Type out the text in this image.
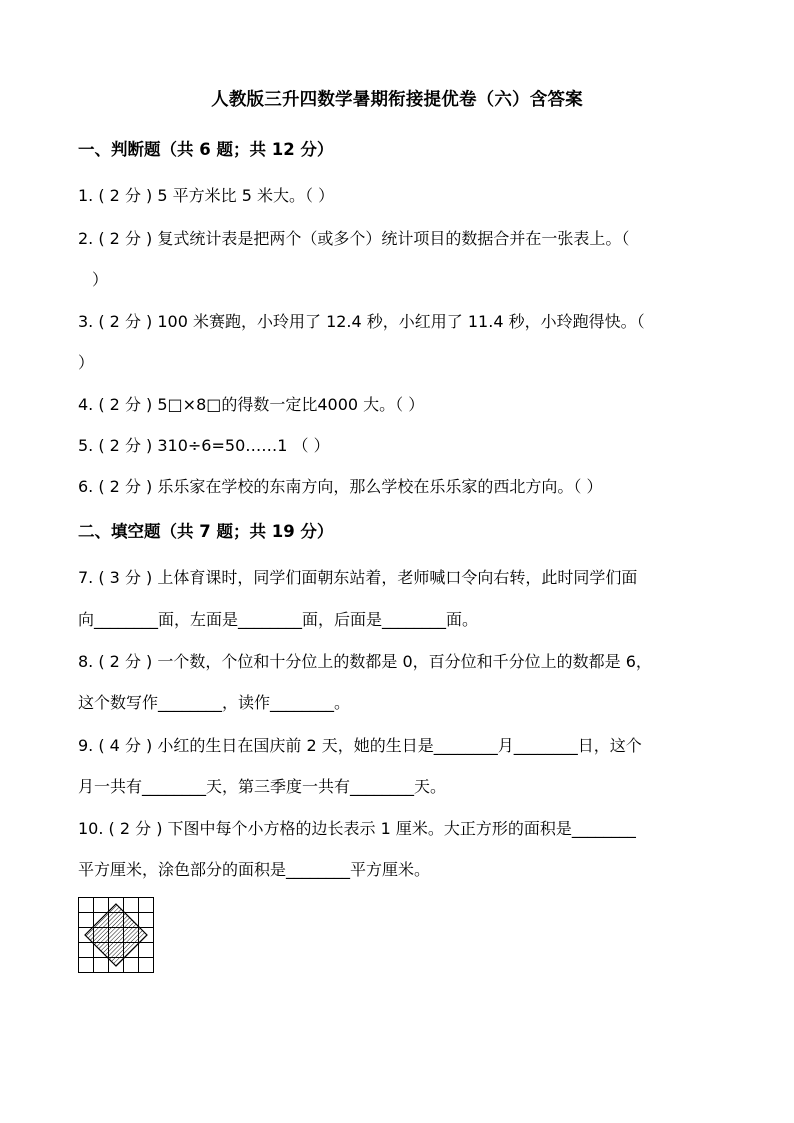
人教版三升四数学暑期衔接提优卷（六）含答案
一、判断题（共 6 题；共 12 分）
1. ( 2 分 ) 5 平方米比 5 米大。（ ）
2. ( 2 分 ) 复式统计表是把两个（或多个）统计项目的数据合并在一张表上。（
）
3. ( 2 分 ) 100 米赛跑，小玲用了 12.4 秒，小红用了 11.4 秒，小玲跑得快。（
）
4. ( 2 分 ) 5□×8□的得数一定比4000 大。（ ）
5. ( 2 分 ) 310÷6=50……1 （ ）
6. ( 2 分 ) 乐乐家在学校的东南方向，那么学校在乐乐家的西北方向。（ ）
二、填空题（共 7 题；共 19 分）
7. ( 3 分 ) 上体育课时，同学们面朝东站着，老师喊口令向右转，此时同学们面
向________面，左面是________面，后面是________面。
8. ( 2 分 ) 一个数，个位和十分位上的数都是 0，百分位和千分位上的数都是 6，
这个数写作________，读作________。
9. ( 4 分 ) 小红的生日在国庆前 2 天，她的生日是________月________日，这个
月一共有________天，第三季度一共有________天。
10. ( 2 分 ) 下图中每个小方格的边长表示 1 厘米。大正方形的面积是________
平方厘米，涂色部分的面积是________平方厘米。
